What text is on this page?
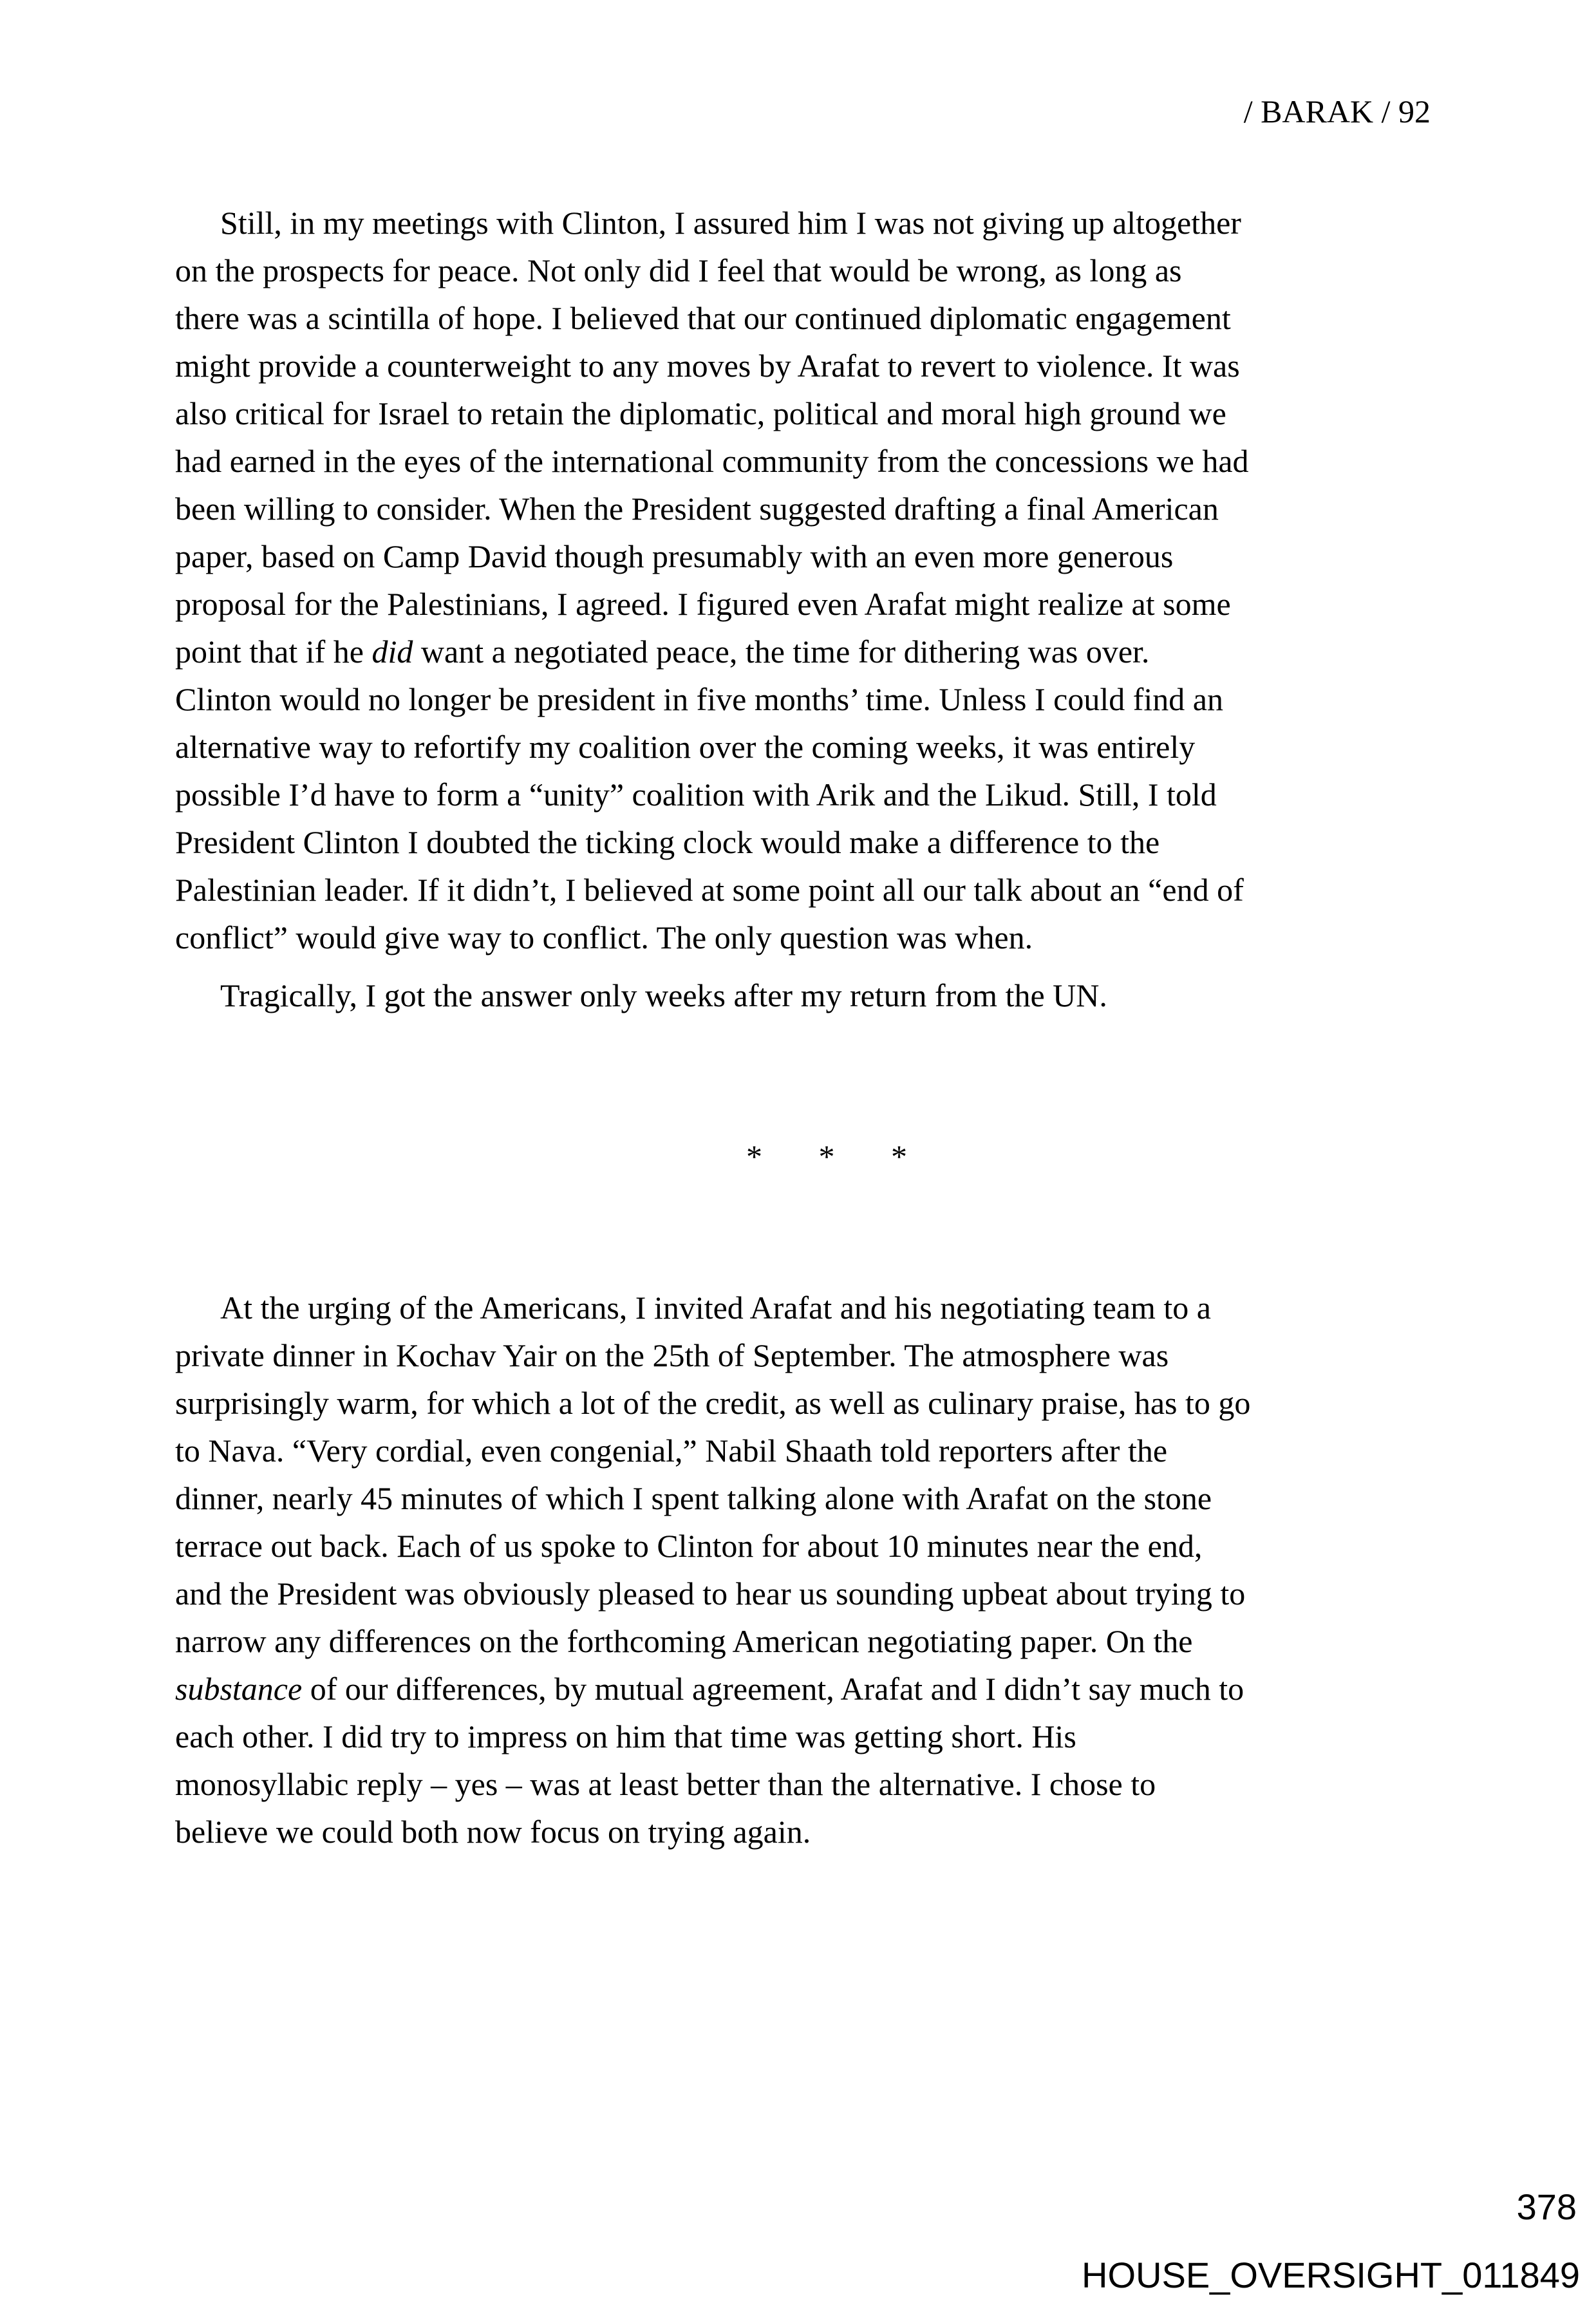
/ BARAK / 92
Still, in my meetings with Clinton, I assured him I was not giving up altogether
on the prospects for peace. Not only did I feel that would be wrong, as long as
there was a scintilla of hope. I believed that our continued diplomatic engagement
might provide a counterweight to any moves by Arafat to revert to violence. It was
also critical for Israel to retain the diplomatic, political and moral high ground we
had earned in the eyes of the international community from the concessions we had
been willing to consider. When the President suggested drafting a final American
paper, based on Camp David though presumably with an even more generous
proposal for the Palestinians, I agreed. I figured even Arafat might realize at some
point that if he did want a negotiated peace, the time for dithering was over.
Clinton would no longer be president in five months’ time. Unless I could find an
alternative way to refortify my coalition over the coming weeks, it was entirely
possible I’d have to form a “unity” coalition with Arik and the Likud. Still, I told
President Clinton I doubted the ticking clock would make a difference to the
Palestinian leader. If it didn’t, I believed at some point all our talk about an “end of
conflict” would give way to conflict. The only question was when.
Tragically, I got the answer only weeks after my return from the UN.
* * *
At the urging of the Americans, I invited Arafat and his negotiating team to a
private dinner in Kochav Yair on the 25th of September. The atmosphere was
surprisingly warm, for which a lot of the credit, as well as culinary praise, has to go
to Nava. “Very cordial, even congenial,” Nabil Shaath told reporters after the
dinner, nearly 45 minutes of which I spent talking alone with Arafat on the stone
terrace out back. Each of us spoke to Clinton for about 10 minutes near the end,
and the President was obviously pleased to hear us sounding upbeat about trying to
narrow any differences on the forthcoming American negotiating paper. On the
substance of our differences, by mutual agreement, Arafat and I didn’t say much to
each other. I did try to impress on him that time was getting short. His
monosyllabic reply – yes – was at least better than the alternative. I chose to
believe we could both now focus on trying again.
378
HOUSE_OVERSIGHT_011849
